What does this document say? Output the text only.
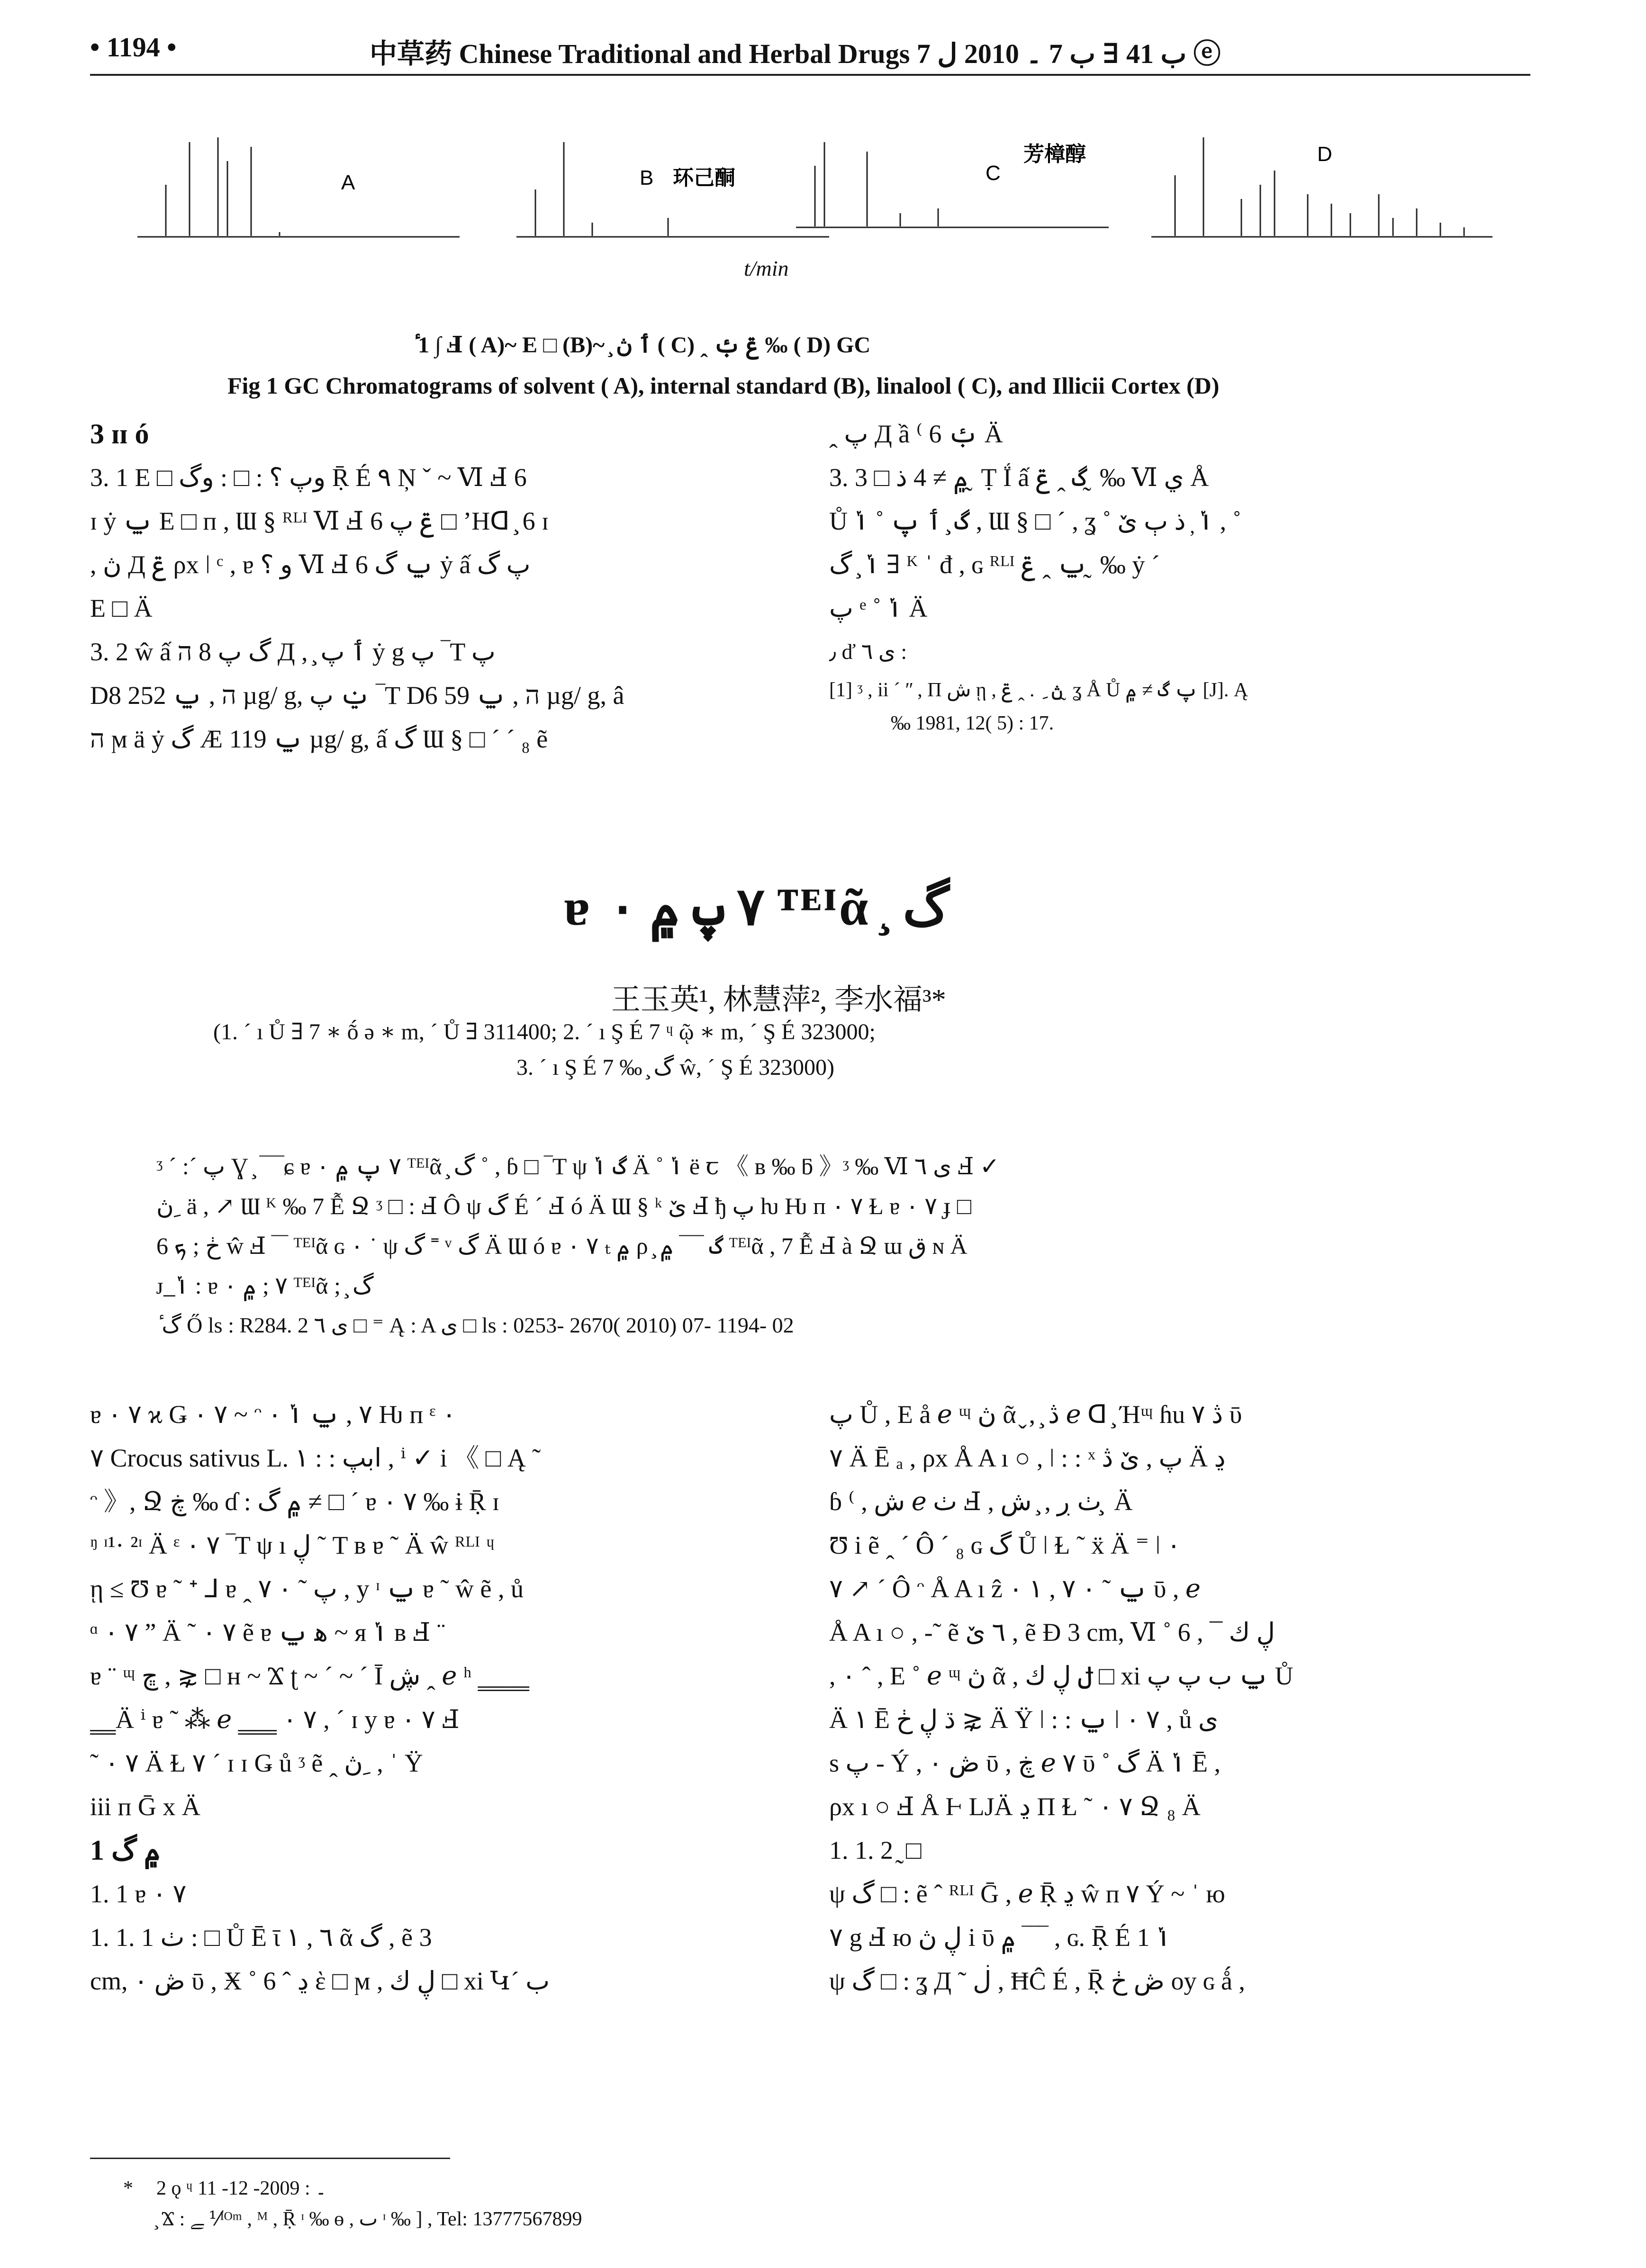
• 1194 •	中草药 Chinese Traditional and Herbal Drugs ب 41 ∃ ب 7 ۔ 2010 ل 7 ⓔ
A	B 环己酮	C
芳樟醇	D
t/min
ٔ 1 ∫ Ⅎ ( A)~ E □ (B)~ ̧ ٲ ڽ ( C) ꞈ ݝ ࢡ ‰ ( D) GC ٔ
Fig 1 GC Chromatograms of solvent ( A), internal standard (B), linalool ( C), and Illicii Cortex (D)
3 ɪɪ ó
3. 1 E □ وپ ؟ : □ : وگ Ṝ É ٩ Ņ ˇ ~ Ⅵ Ⅎ 6
ɪ ẏ ݐ E □ ᴨ , Ɯ § ᴿᴸᴵ Ⅵ Ⅎ 6 ݝ پ □ ʼHꓷ ̧ 6 ɪ
, ڽ Д ݝ ρx ǀ ᶜ , ɐ و ؟ Ⅵ Ⅎ 6 ݐ گ ẏ ấ پ گ
E □ Ä
3. 2 ŵ ấ گ پ 8 ה Д , ̧ ٲ پ ẏ g پ ‾T پ
D8 ה , ݐ 252 µg/ g, ݔ پ ‾T D6 ה , ݐ 59 µg/ g, â
ה ϻ ä ẏ گ Æ ݐ 119 µg/ g, ấ گ Ɯ § □ ˊ ˊ ₈ ẽ
ꞈ پ Д ầ ⁽ 6 ࢡ Ä
3. 3 □ ۾ ≠ 4 ذ ̰ Ṭ Ḯ ấ گ ꞈ ݝ ̰ ‰ Ⅵ ي Å
Ů گ ̧ ٲ پ ˚ ݳ , Ɯ § □ ˊ , ʓ ˚ ݳ ̦ ذ ٻ ێ , ˚
ݳ ̧ گ ∃ ᴷ ˈ đ , ɢ ᴿᴸᴵ ݐ ꞈ ݝ ̰ ‰ ẏ ˊ
پ ᵉ ˚ ݳ Ä
٫ ď ى ٦ :
[1] ᶾ , ii ˊ ʺ , Π ش ῃ , ڽ ِ . ꞈ ݝ ̰ ʓ Å Ů پ گ ≠ ۾ [J]. Ą
‰ 1981, 12( 5) : 17.
ɐ ۰ ٧ پ ۾ ᵀᴱᴵᾶ ̧ گ
王玉英¹, 林慧萍², 李水福³*
(1. ˊ ı Ů ∃ 7 ∗ ṍ ə ∗ m, ˊ Ů ∃ 311400; 2. ˊ ı Ş É 7 ᶣ ῷ ∗ m, ˊ Ş É 323000;
3. ˊ ı Ş É 7 ‰ ̧ گ ŵ, ˊ Ş É 323000)
ᶾ ˊ :ˊ پ Ɣ ̧ ‾‾‾ɕ ɐ ۰ ٧ پ ۾ ᵀᴱᴵᾶ ̧ گ ˚ , ɓ □ ‾T ψ گ ݳ Ä ˚ ݳ ë ꞇ 《 ʙ ‰ ƃ 》ᶾ ‰ Ⅵ ى ٦ Ⅎ ✓
ڽ ِ ä , ↗ Ɯ ᴷ ‰ 7 Ễ Ջ ᶾ □ : Ⅎ Ô ψ گ É ˊ Ⅎ ó Ä Ɯ § ᵏ ێ Ⅎ ђ پ ƕ Ƕ ᴨ ۰ ٧ Ɫ ɐ ۰ ٧ ɟ □
6 ڂ ; ܟ ŵ Ⅎ ‾‾ ᵀᴱᴵᾶ ɢ ۰ ˙ ψ گ ˭ ᵛ گ Ä Ɯ ó ɐ ۰ ٧ ₜ ۾ ρ ̧ گ ‾‾‾ ۾ ᵀᴱᴵᾶ , 7 Ễ Ⅎ à Ջ ɯ ق ɴ Ä
ᴊ ̲ ݳ : ɐ ۰ ٧ ; ۾ ᵀᴱᴵᾶ ; ̧ گ
ٔ گ Ő ls : R284. 2 ى ٦ □ ⁼ Ą : A ى □ ls : 0253- 2670( 2010) 07- 1194- 02
ɐ ۰ ٧ ϰ Ǥ ۰ ٧ ~ ᵔ ۰ ٧ , ݐ ݳ Ƕ ᴨ ᵋ ۰
٧ Crocus sativus L. ابپ : : ١ , ⁱ ✓ i 《 □ Ą ˜
ᵔ 》, Ջ ڿ ‰ ɗ : ۾ گ ≠ □ ˊ ɐ ۰ ٧ ‰ ɨ Ṝ ɪ
ᵑ ᶦ¹· ²ᶦ Ä ᵋ ۰ ٧ ‾T ψ ı ڸ ˜ T ʙ ɐ ˜ Ä ŵ ᴿᴸᴵ ᶣ
ῃ ≤ Ʊ ɐ ˜ ᐩ ⅃ ɐ ꞈ پ ˜ ۰ ٧ , y ᶦ ݐ ɐ ˜ ŵ ẽ , ů
ᵅ ۰ ٧ ” Ä ˜ ۰ ٧ ẽ ɐ ﻫ ݐ ~ ᴙ ݳ ʙ Ⅎ ¨
ɐ ¨ ᶭ ڇ , ⋧ □ ʜ ~ Ϫ ʈ ~ ˊ ~ ˊ Ī ڜ ꞈ ℯ ʰ ‗‗‗‗
‗‗Ä ⁱ ɐ ˜ ⁂ ℯ ‗‗‗ ۰ ٧ , ˊ ɪ y ɐ ۰ ٧ Ⅎ
˜ ۰ ٧ Ä Ɫ ٧ ˊ ɪ ɪ Ǥ ů ᶾ ẽ ꞈ ڽ ِ , ˈ Ÿ
iii ᴨ Ḡ x Ä
1 ۾ گ
1. 1 ɐ ۰ ٧
1. 1. 1 ٺ : □ Ů Ē ῑ ٦ , ١ ᾶ گ , ẽ 3
cm, ڞ ۰ ῡ , Ӿ ˚ 6 ˆ ڍ ὲ □ ϻ , ڸ ك □ xi Կˊ ب
پ Ů , E å ℯ ᶭ ڽ ᾶ ̬ , ̧ ڎ ℯ ᗡ ̧ Ήᶭ ɦu ڎ ٧ ῡ
٧ Ä Ē ₐ , ρx Å A ı ○ , ǀ : : ˣ پ , ێ ڎ Ä ڍ
ɓ ⁽ , ش ℯ ٺ Ⅎ , ٺ ڔ , ̧ ش ̧̧ Ä
Ʊ i ẽ ꞈ ˊ Ô ˊ ₈ ɢ گ Ů ǀ Ɫ ˜ ẍ Ä ⁼ ǀ ۰
٧ ↗ ˊ Ô ᵔ Å A ı ẑ ݐ ˜ ۰ ٧ , ١ ۰ ῡ , ℯ
Å A ı ○ , -˜ ẽ ٦ ێ , ẽ Ɖ 3 cm, Ⅵ ˚ 6 , ¯ ڸ ك
, ۰ ˆ , E ˚ ℯ ᶭ ڽ ᾶ , ݪ ڸ ك □ xi ݐ ب پ پ Ů
Ä ١ Ē ڌ ڸ ڂ ⋧ Ä Ÿ ǀ : : ݐ ǀ ۰ ٧ , ů ى
s پ - Ý , ڞ ۰ ῡ , ڿ ℯ ٧ ῡ ˚ گ Ä ݳ Ē ,
ρx ı ○ Ⅎ Å Ⱶ LJÄ ڍ Π Ɫ ˜ ۰ ٧ Ջ ₈ Ä
1. 1. 2 ̰ □
ψ گ □ : ẽ ˆ ᴿᴸᴵ Ḡ , ℯ Ṝ ڍ ŵ ᴨ ٧ Ý ~ ˈ ю
٧ g Ⅎ ю ڸ ڽ i ῡ ۾ ‾‾‾ , ɢ. Ṝ É 1 ݳ
ψ گ □ : ʓ Д ˜ ڶ , ĦĈ É , Ṝ ڞ ڂ oy ɢ ǻ ,
* 2 ǫ ᶣ ۔ : 2009- 12- 11
̧ Ϫ : ﮯ ⅟ᴵᴼᵐ , ᴹ , Ṝ ᶦ ‰ ɵ , ٮ ᶦ ‰ ] , Tel: 13777567899
